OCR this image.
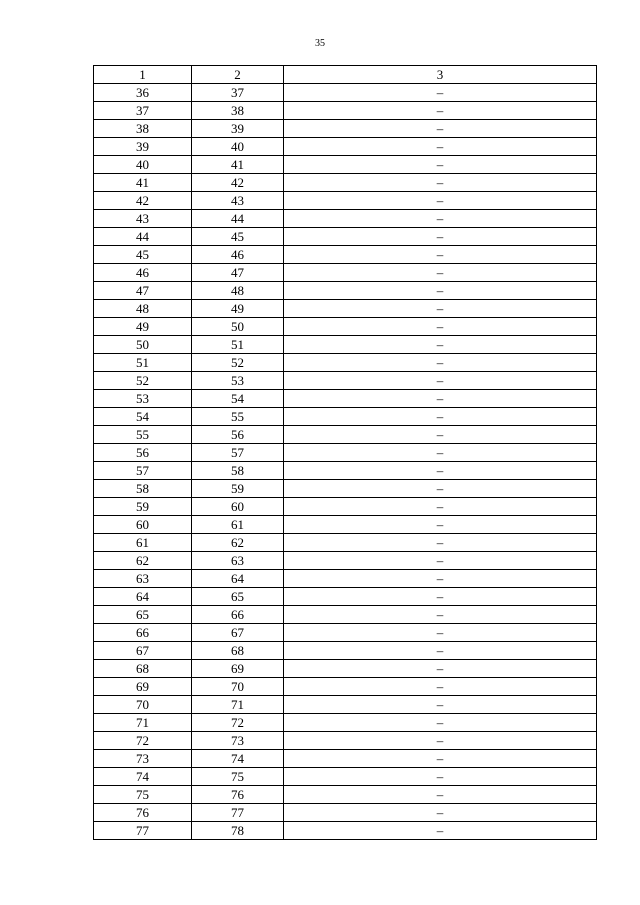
35
1	2	3
36	37	–
37	38	–
38	39	–
39	40	–
40	41	–
41	42	–
42	43	–
43	44	–
44	45	–
45	46	–
46	47	–
47	48	–
48	49	–
49	50	–
50	51	–
51	52	–
52	53	–
53	54	–
54	55	–
55	56	–
56	57	–
57	58	–
58	59	–
59	60	–
60	61	–
61	62	–
62	63	–
63	64	–
64	65	–
65	66	–
66	67	–
67	68	–
68	69	–
69	70	–
70	71	–
71	72	–
72	73	–
73	74	–
74	75	–
75	76	–
76	77	–
77	78	–
